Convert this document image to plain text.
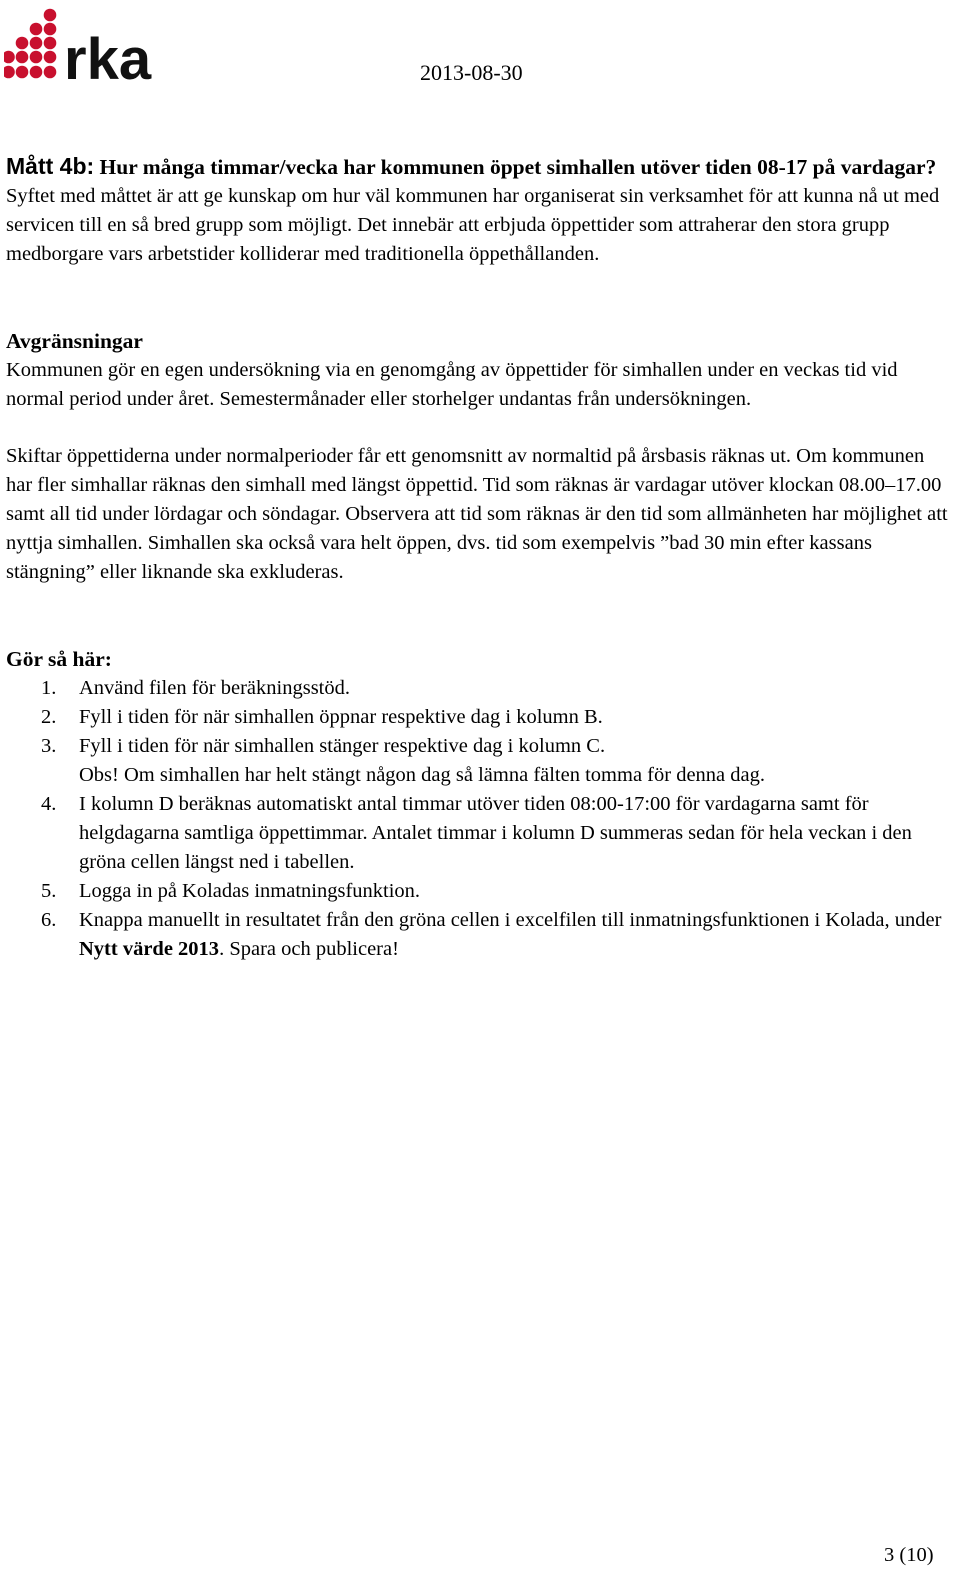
rka	2013-08-30

Mått 4b: Hur många timmar/vecka har kommunen öppet simhallen utöver tiden 08-17 på vardagar?

Syftet med måttet är att ge kunskap om hur väl kommunen har organiserat sin verksamhet för att kunna nå ut med servicen till en så bred grupp som möjligt. Det innebär att erbjuda öppettider som attraherar den stora grupp medborgare vars arbetstider kolliderar med traditionella öppethållanden.

Avgränsningar

Kommunen gör en egen undersökning via en genomgång av öppettider för simhallen under en veckas tid vid normal period under året. Semestermånader eller storhelger undantas från undersökningen.

Skiftar öppettiderna under normalperioder får ett genomsnitt av normaltid på årsbasis räknas ut. Om kommunen har fler simhallar räknas den simhall med längst öppettid. Tid som räknas är vardagar utöver klockan 08.00–17.00 samt all tid under lördagar och söndagar. Observera att tid som räknas är den tid som allmänheten har möjlighet att nyttja simhallen. Simhallen ska också vara helt öppen, dvs. tid som exempelvis ”bad 30 min efter kassans stängning” eller liknande ska exkluderas.

Gör så här:

1. Använd filen för beräkningsstöd.
2. Fyll i tiden för när simhallen öppnar respektive dag i kolumn B.
3. Fyll i tiden för när simhallen stänger respektive dag i kolumn C.
Obs! Om simhallen har helt stängt någon dag så lämna fälten tomma för denna dag.
4. I kolumn D beräknas automatiskt antal timmar utöver tiden 08:00-17:00 för vardagarna samt för helgdagarna samtliga öppettimmar. Antalet timmar i kolumn D summeras sedan för hela veckan i den gröna cellen längst ned i tabellen.
5. Logga in på Koladas inmatningsfunktion.
6. Knappa manuellt in resultatet från den gröna cellen i excelfilen till inmatningsfunktionen i Kolada, under Nytt värde 2013. Spara och publicera!
3 (10)
